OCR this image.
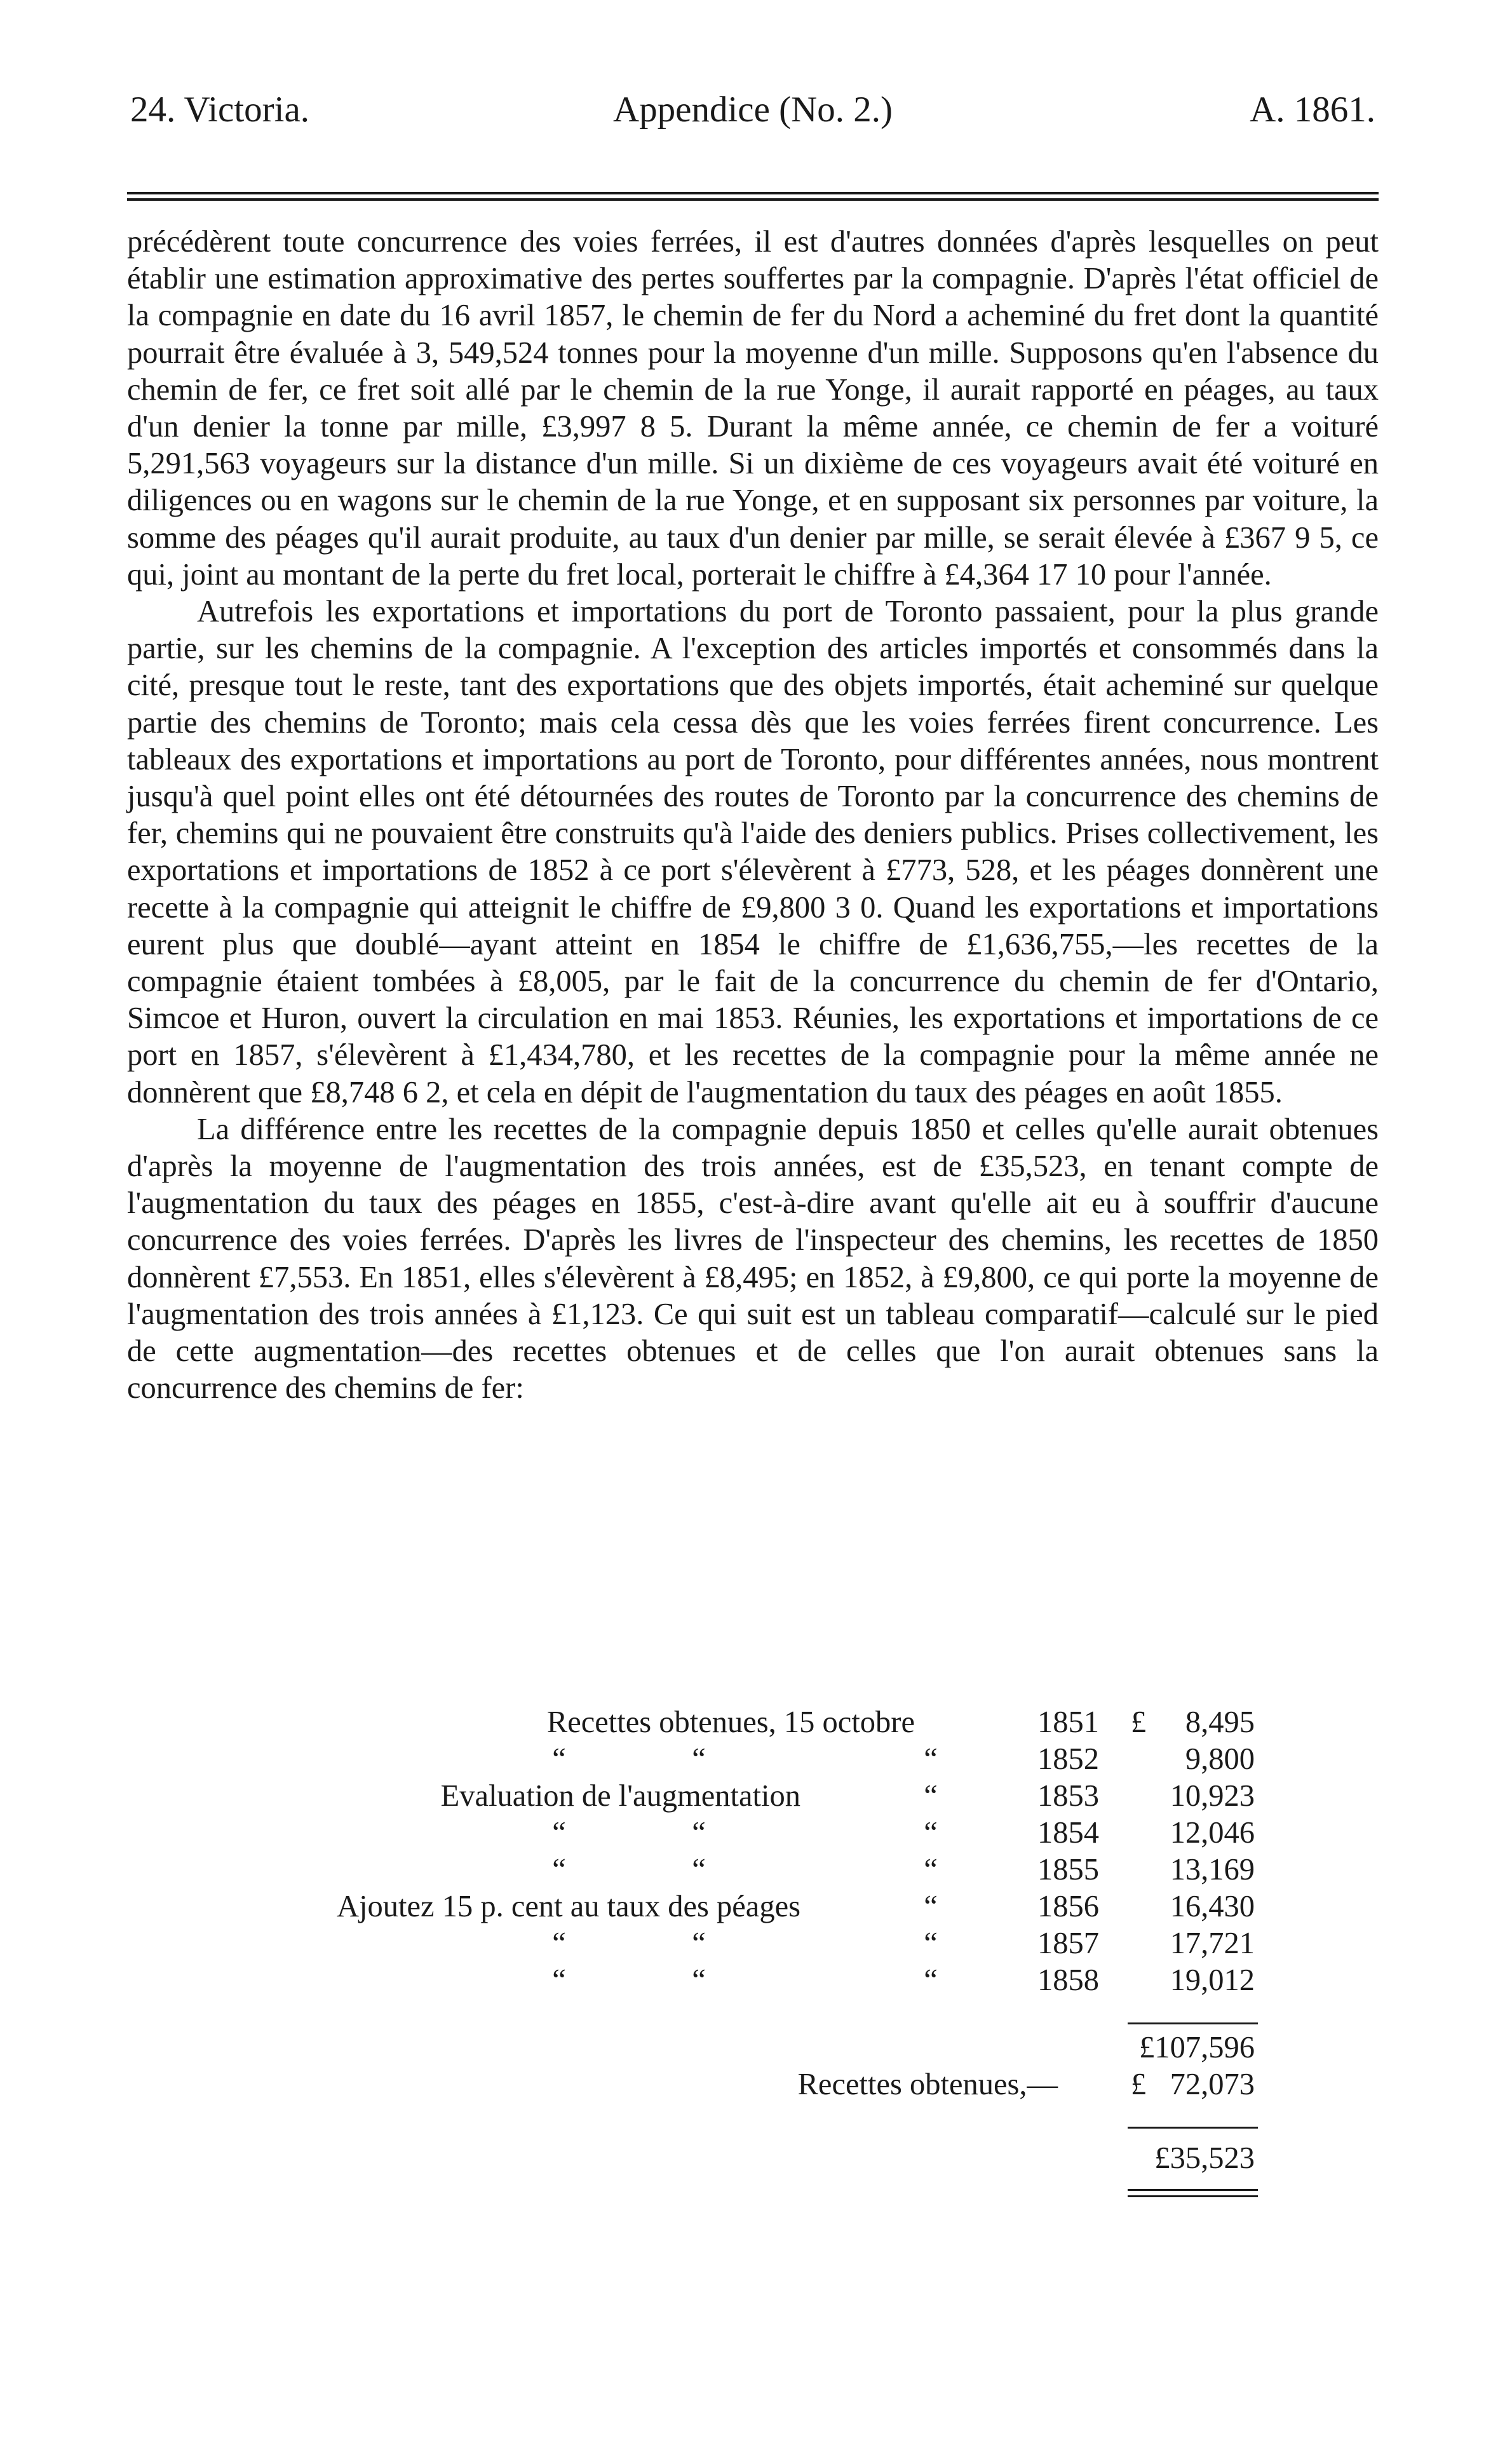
24. Victoria.	Appendice (No. 2.)	A. 1861.

précédèrent toute concurrence des voies ferrées, il est d'autres données d'après lesquelles on peut établir une estimation approximative des pertes souffertes par la compagnie. D'après l'état officiel de la compagnie en date du 16 avril 1857, le chemin de fer du Nord a acheminé du fret dont la quantité pourrait être évaluée à 3, 549,524 tonnes pour la moyenne d'un mille. Supposons qu'en l'absence du chemin de fer, ce fret soit allé par le chemin de la rue Yonge, il aurait rapporté en péages, au taux d'un denier la tonne par mille, £3,997 8 5. Durant la même année, ce chemin de fer a voituré 5,291,563 voyageurs sur la distance d'un mille. Si un dixième de ces voyageurs avait été voituré en diligences ou en wagons sur le chemin de la rue Yonge, et en supposant six personnes par voiture, la somme des péages qu'il aurait produite, au taux d'un denier par mille, se serait élevée à £367 9 5, ce qui, joint au montant de la perte du fret local, porterait le chiffre à £4,364 17 10 pour l'année.

Autrefois les exportations et importations du port de Toronto passaient, pour la plus grande partie, sur les chemins de la compagnie. A l'exception des articles importés et consommés dans la cité, presque tout le reste, tant des exportations que des objets importés, était acheminé sur quelque partie des chemins de Toronto; mais cela cessa dès que les voies ferrées firent concurrence. Les tableaux des exportations et importations au port de Toronto, pour différentes années, nous montrent jusqu'à quel point elles ont été détournées des routes de Toronto par la concurrence des chemins de fer, chemins qui ne pouvaient être construits qu'à l'aide des deniers publics. Prises collectivement, les exportations et importations de 1852 à ce port s'élevèrent à £773, 528, et les péages donnèrent une recette à la compagnie qui atteignit le chiffre de £9,800 3 0. Quand les exportations et importations eurent plus que doublé—ayant atteint en 1854 le chiffre de £1,636,755,—les recettes de la compagnie étaient tombées à £8,005, par le fait de la concurrence du chemin de fer d'Ontario, Simcoe et Huron, ouvert la circulation en mai 1853. Réunies, les exportations et importations de ce port en 1857, s'élevèrent à £1,434,780, et les recettes de la compagnie pour la même année ne donnèrent que £8,748 6 2, et cela en dépit de l'augmentation du taux des péages en août 1855.

La différence entre les recettes de la compagnie depuis 1850 et celles qu'elle aurait obtenues d'après la moyenne de l'augmentation des trois années, est de £35,523, en tenant compte de l'augmentation du taux des péages en 1855, c'est-à-dire avant qu'elle ait eu à souffrir d'aucune concurrence des voies ferrées. D'après les livres de l'inspecteur des chemins, les recettes de 1850 donnèrent £7,553. En 1851, elles s'élevèrent à £8,495; en 1852, à £9,800, ce qui porte la moyenne de l'augmentation des trois années à £1,123. Ce qui suit est un tableau comparatif—calculé sur le pied de cette augmentation—des recettes obtenues et de celles que l'on aurait obtenues sans la concurrence des chemins de fer:

Recettes obtenues, 15 octobre	1851 £ 8,495
“	“	“	1852	9,800
Evaluation de l'augmentation	“	1853 10,923
“	“	“	1854 12,046
“	“	“	1855 13,169
Ajoutez 15 p. cent au taux des péages	“	1856 16,430
“	“	“	1857 17,721
“	“	“	1858 19,012
£107,596
Recettes obtenues,— £ 72,073
£35,523
